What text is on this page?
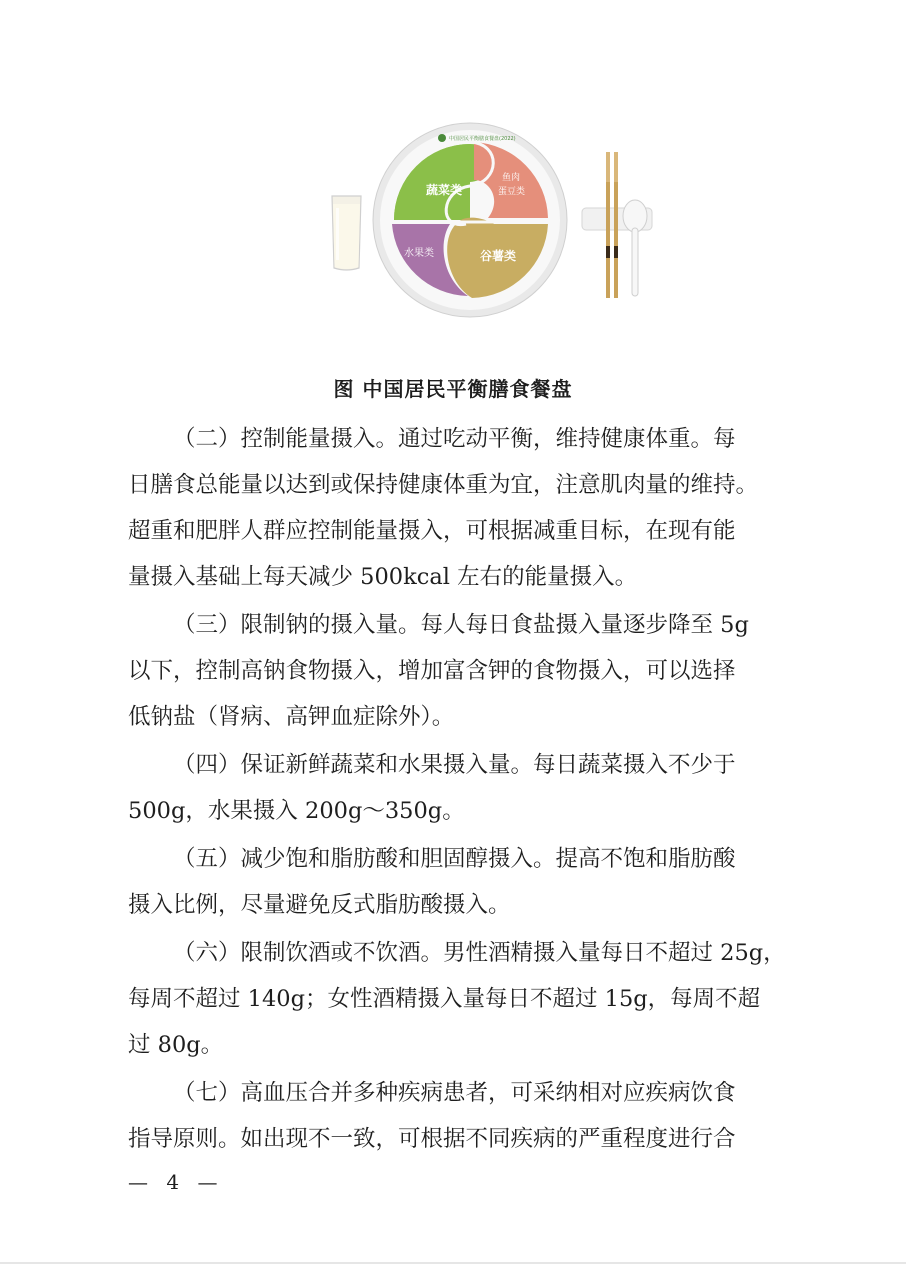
中国居民平衡膳食餐盘(2022)
蔬菜类
鱼肉
蛋豆类
水果类	谷薯类
图 中国居民平衡膳食餐盘
（二）控制能量摄入。通过吃动平衡，维持健康体重。每
日膳食总能量以达到或保持健康体重为宜，注意肌肉量的维持。
超重和肥胖人群应控制能量摄入，可根据减重目标，在现有能
量摄入基础上每天减少 500kcal 左右的能量摄入。
（三）限制钠的摄入量。每人每日食盐摄入量逐步降至 5g
以下，控制高钠食物摄入，增加富含钾的食物摄入，可以选择
低钠盐（肾病、高钾血症除外）。
（四）保证新鲜蔬菜和水果摄入量。每日蔬菜摄入不少于
500g，水果摄入 200g～350g。
（五）减少饱和脂肪酸和胆固醇摄入。提高不饱和脂肪酸
摄入比例，尽量避免反式脂肪酸摄入。
（六）限制饮酒或不饮酒。男性酒精摄入量每日不超过 25g，
每周不超过 140g；女性酒精摄入量每日不超过 15g，每周不超
过 80g。
（七）高血压合并多种疾病患者，可采纳相对应疾病饮食
指导原则。如出现不一致，可根据不同疾病的严重程度进行合
— 4 —
